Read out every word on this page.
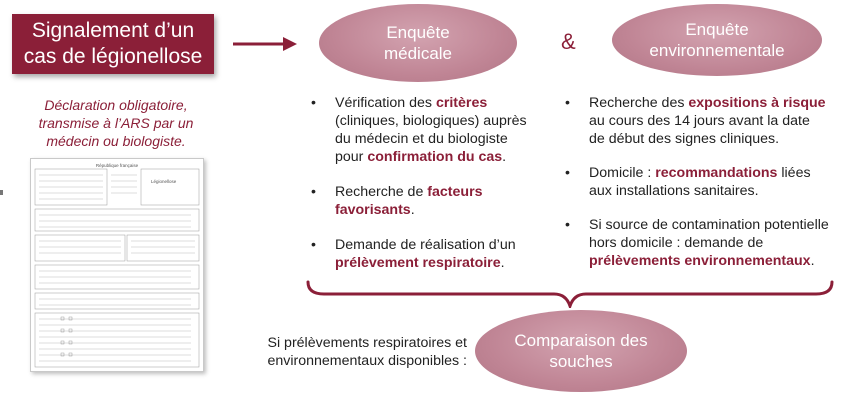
Signalement d’un
cas de légionellose
Enquête
médicale	&	Enquête
environnementale
Déclaration obligatoire,
transmise à l’ARS par un
médecin ou biologiste.
République française
Légionellose
• Vérification des critères (cliniques, biologiques) auprès du médecin et du biologiste pour confirmation du cas.
• Recherche de facteurs favorisants.
• Demande de réalisation d’un prélèvement respiratoire.
• Recherche des expositions à risque au cours des 14 jours avant la date de début des signes cliniques.
• Domicile : recommandations liées aux installations sanitaires.
• Si source de contamination potentielle hors domicile : demande de prélèvements environnementaux.
Si prélèvements respiratoires et environnementaux disponibles :
Comparaison des
souches
